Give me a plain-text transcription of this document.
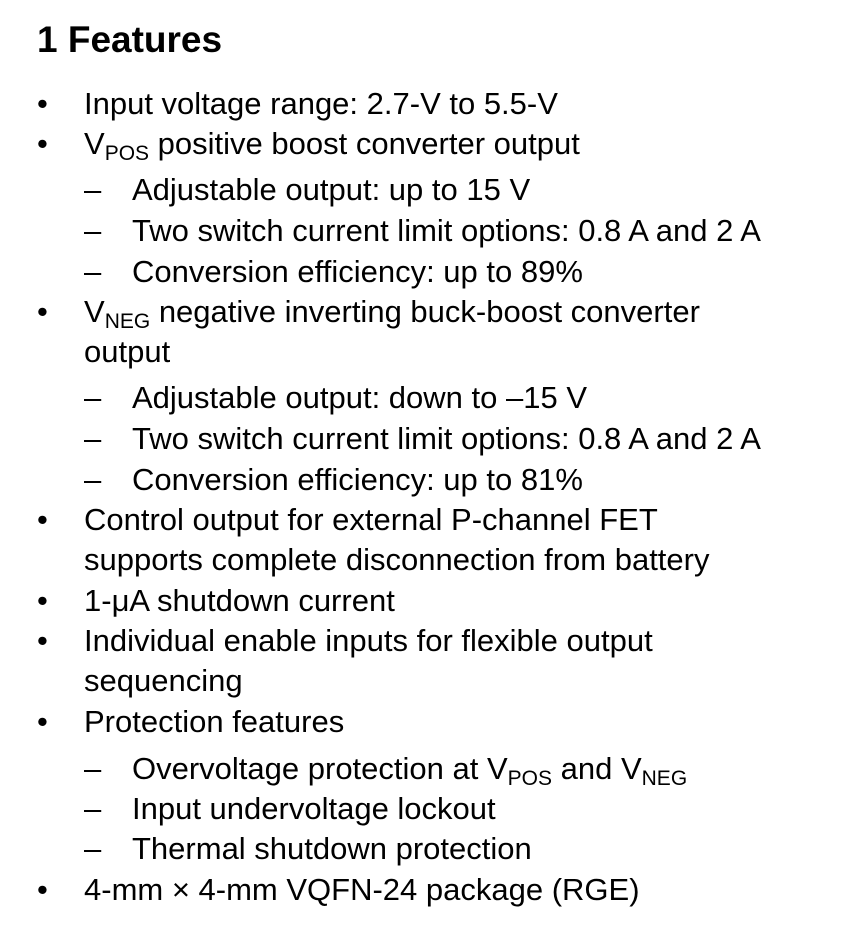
1 Features
• Input voltage range: 2.7-V to 5.5-V
• $V_{POS}$ positive boost converter output
– Adjustable output: up to 15 V
– Two switch current limit options: 0.8 A and 2 A
– Conversion efficiency: up to 89%
• $V_{NEG}$ negative inverting buck-boost converter
output
– Adjustable output: down to –15 V
– Two switch current limit options: 0.8 A and 2 A
– Conversion efficiency: up to 81%
• Control output for external P-channel FET
supports complete disconnection from battery
• 1-μA shutdown current
• Individual enable inputs for flexible output
sequencing
• Protection features
– Overvoltage protection at $V_{POS}$ and $V_{NEG}$
– Input undervoltage lockout
– Thermal shutdown protection
• 4-mm × 4-mm VQFN-24 package (RGE)
